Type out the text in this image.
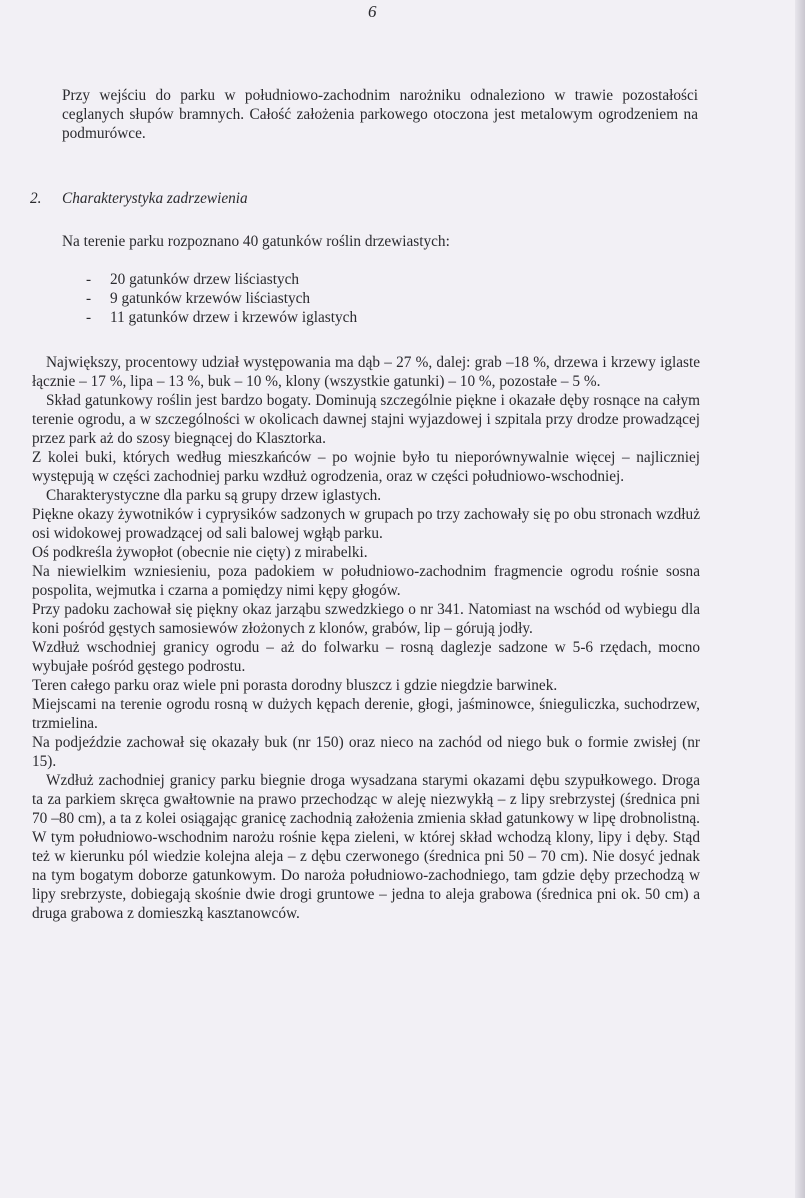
6
Przy wejściu do parku w południowo-zachodnim narożniku odnaleziono w trawie pozostałości ceglanych słupów bramnych. Całość założenia parkowego otoczona jest metalowym ogrodzeniem na podmurówce.
2. Charakterystyka zadrzewienia
Na terenie parku rozpoznano 40 gatunków roślin drzewiastych:
- 20 gatunków drzew liściastych
- 9 gatunków krzewów liściastych
- 11 gatunków drzew i krzewów iglastych

Największy, procentowy udział występowania ma dąb – 27 %, dalej: grab –18 %, drzewa i krzewy iglaste łącznie – 17 %, lipa – 13 %, buk – 10 %, klony (wszystkie gatunki) – 10 %, pozostałe – 5 %.

Skład gatunkowy roślin jest bardzo bogaty. Dominują szczególnie piękne i okazałe dęby rosnące na całym terenie ogrodu, a w szczególności w okolicach dawnej stajni wyjazdowej i szpitala przy drodze prowadzącej przez park aż do szosy biegnącej do Klasztorka.

Z kolei buki, których według mieszkańców – po wojnie było tu nieporównywalnie więcej – najliczniej występują w części zachodniej parku wzdłuż ogrodzenia, oraz w części południowo-wschodniej.

Charakterystyczne dla parku są grupy drzew iglastych.

Piękne okazy żywotników i cyprysików sadzonych w grupach po trzy zachowały się po obu stronach wzdłuż osi widokowej prowadzącej od sali balowej wgłąb parku.

Oś podkreśla żywopłot (obecnie nie cięty) z mirabelki.

Na niewielkim wzniesieniu, poza padokiem w południowo-zachodnim fragmencie ogrodu rośnie sosna pospolita, wejmutka i czarna a pomiędzy nimi kępy głogów.

Przy padoku zachował się piękny okaz jarząbu szwedzkiego o nr 341. Natomiast na wschód od wybiegu dla koni pośród gęstych samosiewów złożonych z klonów, grabów, lip – górują jodły.

Wzdłuż wschodniej granicy ogrodu – aż do folwarku – rosną daglezje sadzone w 5-6 rzędach, mocno wybujałe pośród gęstego podrostu.

Teren całego parku oraz wiele pni porasta dorodny bluszcz i gdzie niegdzie barwinek.

Miejscami na terenie ogrodu rosną w dużych kępach derenie, głogi, jaśminowce, śnieguliczka, suchodrzew, trzmielina.

Na podjeździe zachował się okazały buk (nr 150) oraz nieco na zachód od niego buk o formie zwisłej (nr 15).

Wzdłuż zachodniej granicy parku biegnie droga wysadzana starymi okazami dębu szypułkowego. Droga ta za parkiem skręca gwałtownie na prawo przechodząc w aleję niezwykłą – z lipy srebrzystej (średnica pni 70 –80 cm), a ta z kolei osiągając granicę zachodnią założenia zmienia skład gatunkowy w lipę drobnolistną. W tym południowo-wschodnim narożu rośnie kępa zieleni, w której skład wchodzą klony, lipy i dęby. Stąd też w kierunku pól wiedzie kolejna aleja – z dębu czerwonego (średnica pni 50 – 70 cm). Nie dosyć jednak na tym bogatym doborze gatunkowym. Do naroża południowo-zachodniego, tam gdzie dęby przechodzą w lipy srebrzyste, dobiegają skośnie dwie drogi gruntowe – jedna to aleja grabowa (średnica pni ok. 50 cm) a druga grabowa z domieszką kasztanowców.
